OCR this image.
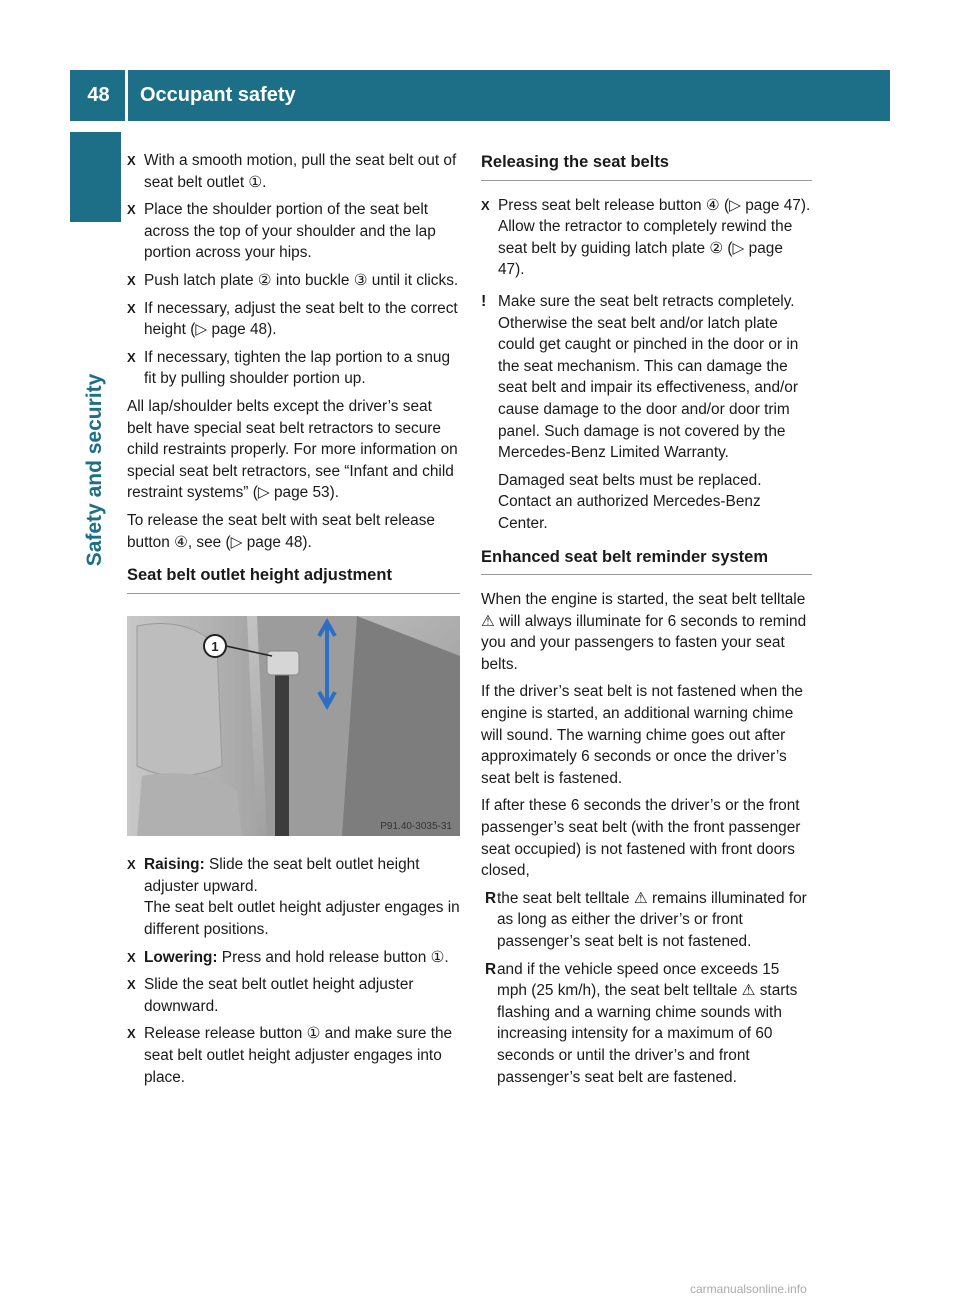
48	Occupant safety
Safety and security
X With a smooth motion, pull the seat belt out of seat belt outlet ①.
X Place the shoulder portion of the seat belt across the top of your shoulder and the lap portion across your hips.
X Push latch plate ② into buckle ③ until it clicks.
X If necessary, adjust the seat belt to the correct height (▷ page 48).
X If necessary, tighten the lap portion to a snug fit by pulling shoulder portion up.

All lap/shoulder belts except the driver’s seat belt have special seat belt retractors to secure child restraints properly. For more information on special seat belt retractors, see “Infant and child restraint systems” (▷ page 53).

To release the seat belt with seat belt release button ④, see (▷ page 48).

Seat belt outlet height adjustment
1
P91.40-3035-31
X Raising: Slide the seat belt outlet height adjuster upward.
The seat belt outlet height adjuster engages in different positions.
X Lowering: Press and hold release button ①.
X Slide the seat belt outlet height adjuster downward.
X Release release button ① and make sure the seat belt outlet height adjuster engages into place.
Releasing the seat belts
X Press seat belt release button ④ (▷ page 47).
Allow the retractor to completely rewind the seat belt by guiding latch plate ② (▷ page 47).
! Make sure the seat belt retracts completely. Otherwise the seat belt and/or latch plate could get caught or pinched in the door or in the seat mechanism. This can damage the seat belt and impair its effectiveness, and/or cause damage to the door and/or door trim panel. Such damage is not covered by the Mercedes-Benz Limited Warranty.
Damaged seat belts must be replaced. Contact an authorized Mercedes-Benz Center.
Enhanced seat belt reminder system

When the engine is started, the seat belt telltale ⚠ will always illuminate for 6 seconds to remind you and your passengers to fasten your seat belts.

If the driver’s seat belt is not fastened when the engine is started, an additional warning chime will sound. The warning chime goes out after approximately 6 seconds or once the driver’s seat belt is fastened.

If after these 6 seconds the driver’s or the front passenger’s seat belt (with the front passenger seat occupied) is not fastened with front doors closed,

R the seat belt telltale ⚠ remains illuminated for as long as either the driver’s or front passenger’s seat belt is not fastened.
R and if the vehicle speed once exceeds 15 mph (25 km/h), the seat belt telltale ⚠ starts flashing and a warning chime sounds with increasing intensity for a maximum of 60 seconds or until the driver’s and front passenger’s seat belt are fastened.
carmanualsonline.info
